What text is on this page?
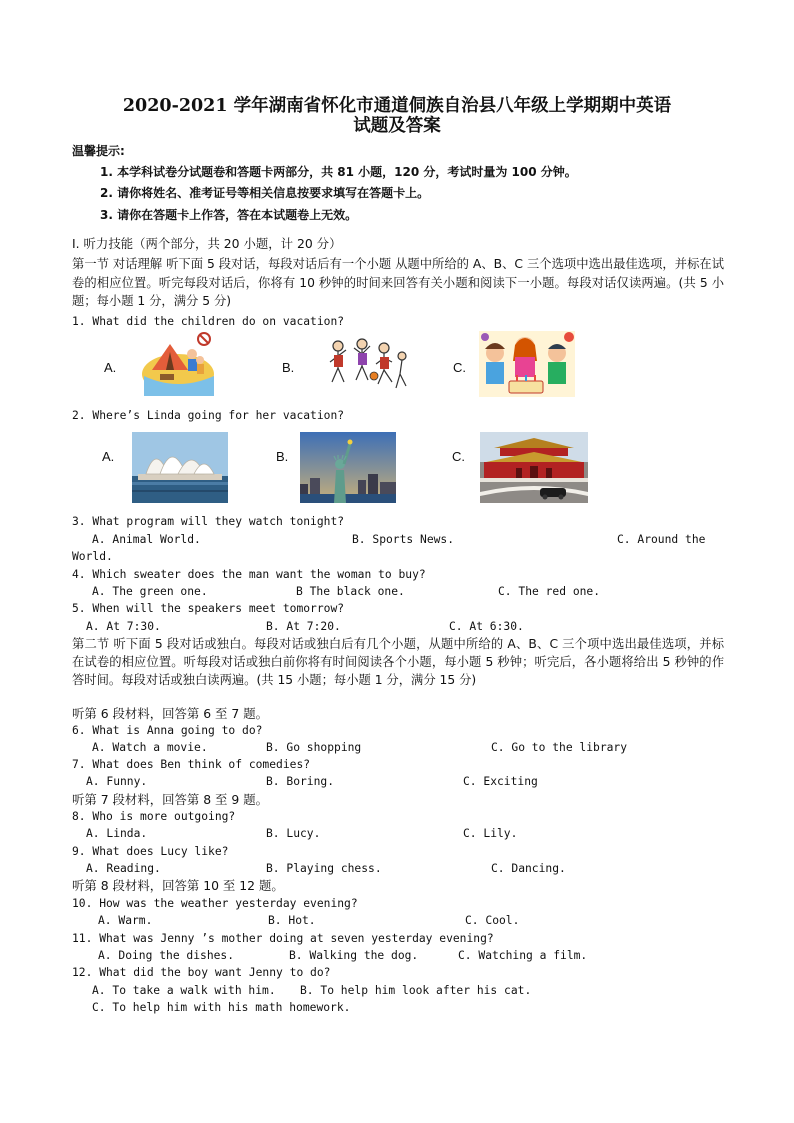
2020-2021 学年湖南省怀化市通道侗族自治县八年级上学期期中英语
试题及答案
温馨提示:
1. 本学科试卷分试题卷和答题卡两部分，共 81 小题，120 分，考试时量为 100 分钟。
2. 请你将姓名、准考证号等相关信息按要求填写在答题卡上。
3. 请你在答题卡上作答，答在本试题卷上无效。
I. 听力技能（两个部分，共 20 小题，计 20 分）
第一节 对话理解 听下面 5 段对话，每段对话后有一个小题 从题中所给的 A、B、C 三个选项中选出最佳选项，并标在试卷的相应位置。听完每段对话后，你将有 10 秒钟的时间来回答有关小题和阅读下一小题。每段对话仅读两遍。(共 5 小题；每小题 1 分，满分 5 分)
1. What did the children do on vacation?
A.	B.	C.
2. Where’s Linda going for her vacation?
A.	B.	C.
3. What program will they watch tonight?
A. Animal World.	B. Sports News.	C. Around the
World.
4. Which sweater does the man want the woman to buy?
A. The green one.	B The black one.	C. The red one.
5. When will the speakers meet tomorrow?
A. At 7:30.	B. At 7:20.	C. At 6:30.
第二节 听下面 5 段对话或独白。每段对话或独白后有几个小题，从题中所给的 A、B、C 三个项中选出最佳选项，并标在试卷的相应位置。听每段对话或独白前你将有时间阅读各个小题，每小题 5 秒钟；听完后，各小题将给出 5 秒钟的作答时间。每段对话或独白读两遍。(共 15 小题；每小题 1 分，满分 15 分)
听第 6 段材料，回答第 6 至 7 题。
6. What is Anna going to do?
A. Watch a movie.	B. Go shopping	C. Go to the library
7. What does Ben think of comedies?
A. Funny.	B. Boring.	C. Exciting
听第 7 段材料，回答第 8 至 9 题。
8. Who is more outgoing?
A. Linda.	B. Lucy.	C. Lily.
9. What does Lucy like?
A. Reading.	B. Playing chess.	C. Dancing.
听第 8 段材料，回答第 10 至 12 题。
10. How was the weather yesterday evening?
A. Warm.	B. Hot.	C. Cool.
11. What was Jenny ’s mother doing at seven yesterday evening?
A. Doing the dishes.	B. Walking the dog.	C. Watching a film.
12. What did the boy want Jenny to do?
A. To take a walk with him. B. To help him look after his cat.
C. To help him with his math homework.
